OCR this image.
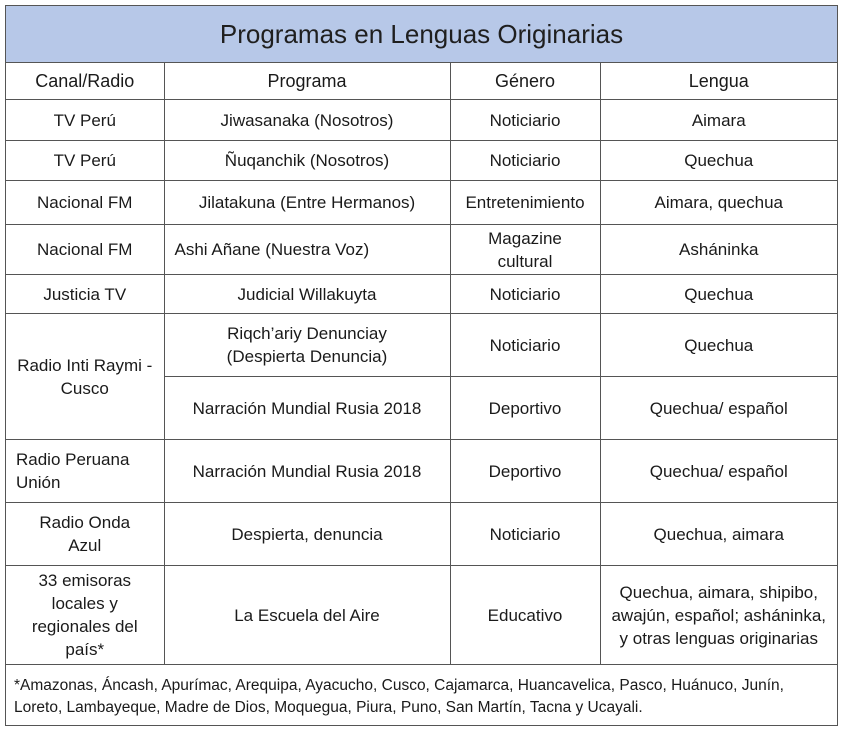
Programas en Lenguas Originarias
Canal/Radio	Programa	Género	Lengua
TV Perú	Jiwasanaka (Nosotros)	Noticiario	Aimara
TV Perú	Ñuqanchik (Nosotros)	Noticiario	Quechua
Nacional FM	Jilatakuna (Entre Hermanos)	Entretenimiento	Aimara, quechua
Nacional FM	Ashi Añane (Nuestra Voz)	Magazine cultural	Asháninka
Justicia TV	Judicial Willakuyta	Noticiario	Quechua
Radio Inti Raymi - Cusco	Riqch’ariy Denunciay (Despierta Denuncia)	Noticiario	Quechua
	Narración Mundial Rusia 2018	Deportivo	Quechua/ español
Radio Peruana Unión	Narración Mundial Rusia 2018	Deportivo	Quechua/ español
Radio Onda Azul	Despierta, denuncia	Noticiario	Quechua, aimara
33 emisoras locales y regionales del país*	La Escuela del Aire	Educativo	Quechua, aimara, shipibo, awajún, español; asháninka, y otras lenguas originarias
*Amazonas, Áncash, Apurímac, Arequipa, Ayacucho, Cusco, Cajamarca, Huancavelica, Pasco, Huánuco, Junín, Loreto, Lambayeque, Madre de Dios, Moquegua, Piura, Puno, San Martín, Tacna y Ucayali.
